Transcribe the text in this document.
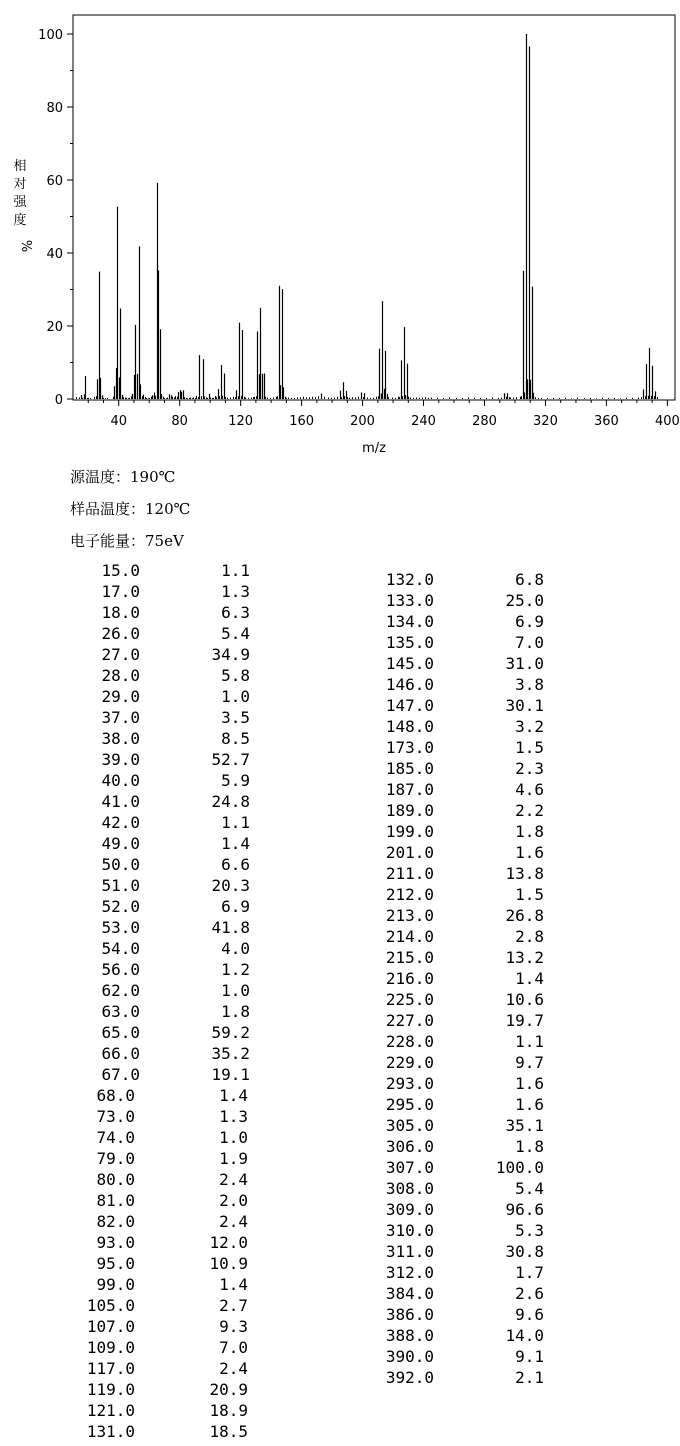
0
20
40
60
80
100
40	80	120	160	200	240	280	320	360	400
m/z
相对强度
%
源温度：190℃
样品温度：120℃
电子能量：75eV
15.0	1.1
17.0	1.3
18.0	6.3
26.0	5.4
27.0	34.9
28.0	5.8
29.0	1.0
37.0	3.5
38.0	8.5
39.0	52.7
40.0	5.9
41.0	24.8
42.0	1.1
49.0	1.4
50.0	6.6
51.0	20.3
52.0	6.9
53.0	41.8
54.0	4.0
56.0	1.2
62.0	1.0
63.0	1.8
65.0	59.2
66.0	35.2
67.0	19.1
68.0	1.4
73.0	1.3
74.0	1.0
79.0	1.9
80.0	2.4
81.0	2.0
82.0	2.4
93.0	12.0
95.0	10.9
99.0	1.4
105.0	2.7
107.0	9.3
109.0	7.0
117.0	2.4
119.0	20.9
121.0	18.9
131.0	18.5
132.0	6.8
133.0	25.0
134.0	6.9
135.0	7.0
145.0	31.0
146.0	3.8
147.0	30.1
148.0	3.2
173.0	1.5
185.0	2.3
187.0	4.6
189.0	2.2
199.0	1.8
201.0	1.6
211.0	13.8
212.0	1.5
213.0	26.8
214.0	2.8
215.0	13.2
216.0	1.4
225.0	10.6
227.0	19.7
228.0	1.1
229.0	9.7
293.0	1.6
295.0	1.6
305.0	35.1
306.0	1.8
307.0	100.0
308.0	5.4
309.0	96.6
310.0	5.3
311.0	30.8
312.0	1.7
384.0	2.6
386.0	9.6
388.0	14.0
390.0	9.1
392.0	2.1
